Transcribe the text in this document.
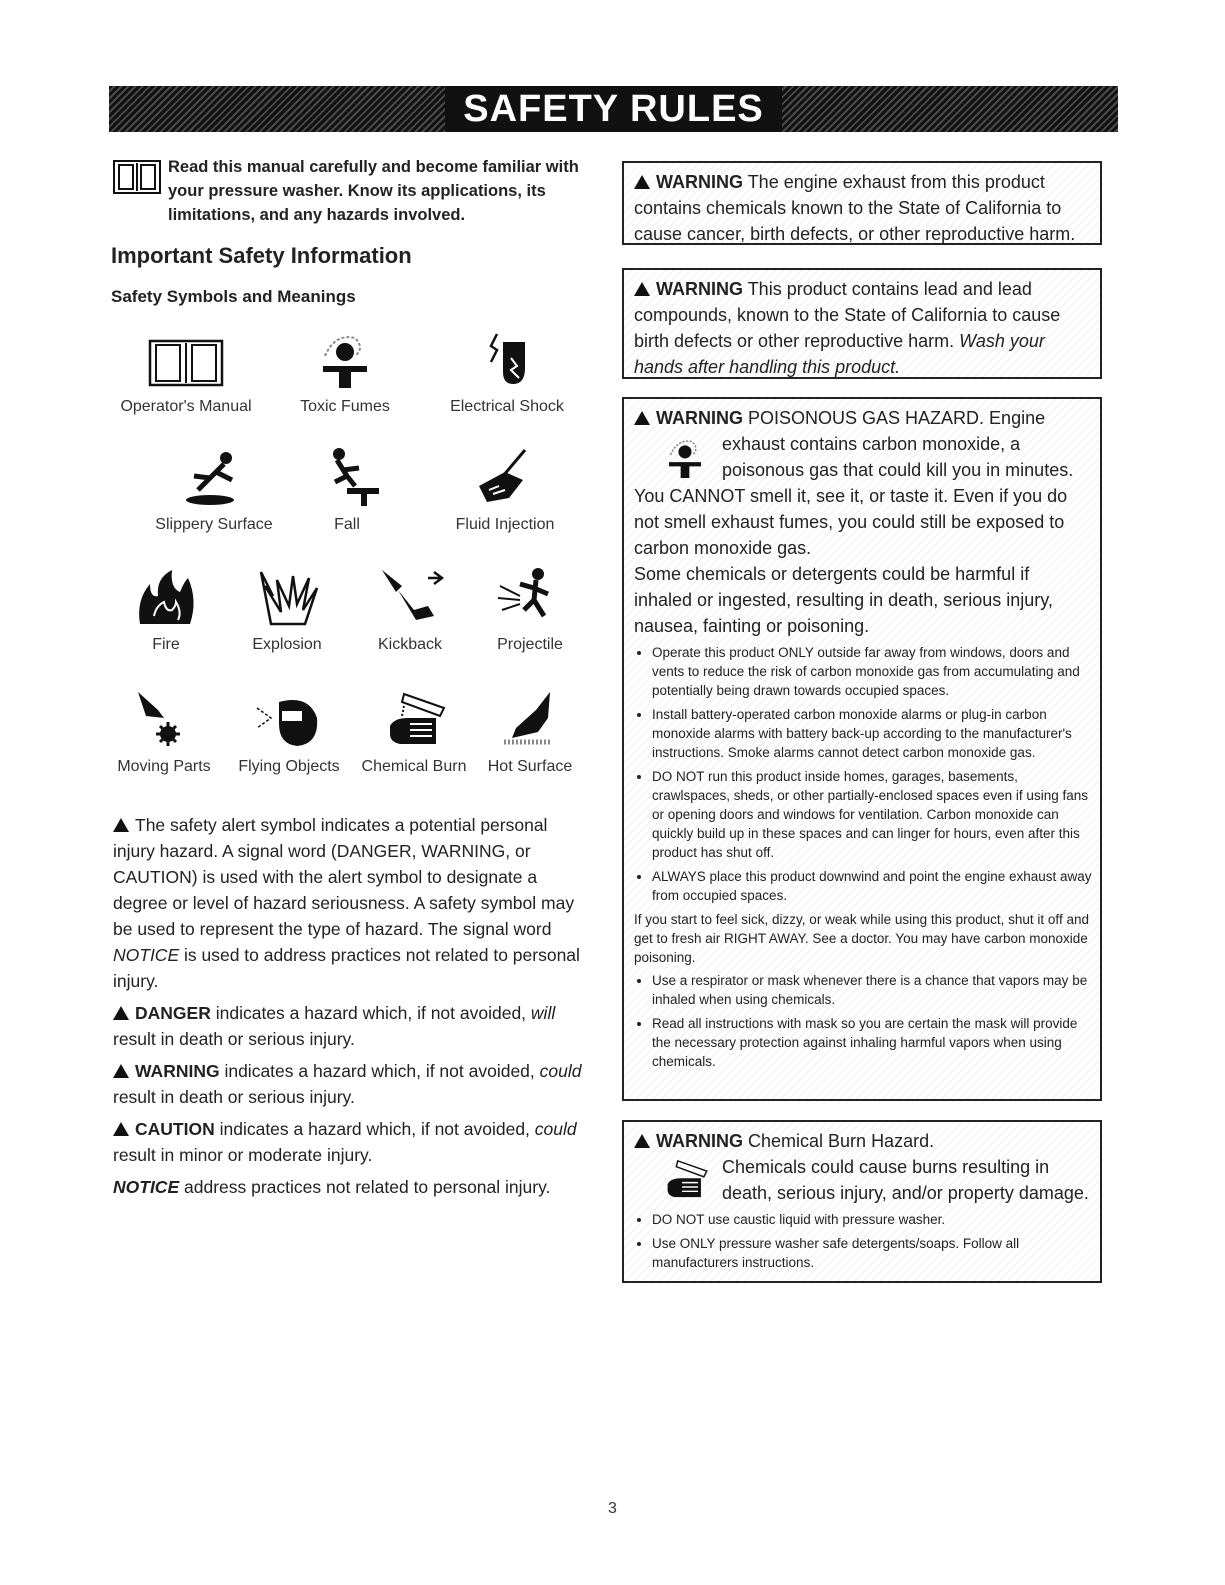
SAFETY RULES
Read this manual carefully and become familiar with your pressure washer. Know its applications, its limitations, and any hazards involved.
Important Safety Information
Safety Symbols and Meanings
Operator's Manual	Toxic Fumes	Electrical Shock
Slippery Surface	Fall	Fluid Injection
Fire	Explosion	Kickback	Projectile
Moving Parts	Flying Objects	Chemical Burn	Hot Surface

The safety alert symbol indicates a potential personal injury hazard. A signal word (DANGER, WARNING, or CAUTION) is used with the alert symbol to designate a degree or level of hazard seriousness. A safety symbol may be used to represent the type of hazard. The signal word NOTICE is used to address practices not related to personal injury.

DANGER indicates a hazard which, if not avoided, will
result in death or serious injury.

WARNING indicates a hazard which, if not avoided, could
result in death or serious injury.

CAUTION indicates a hazard which, if not avoided, could
result in minor or moderate injury.

NOTICE address practices not related to personal injury.

WARNING The engine exhaust from this product contains chemicals known to the State of California to cause cancer, birth defects, or other reproductive harm.
WARNING This product contains lead and lead compounds, known to the State of California to cause birth defects or other reproductive harm. Wash your hands after handling this product.
WARNING POISONOUS GAS HAZARD. Engine
exhaust contains carbon monoxide, a poisonous gas that could kill you in minutes. You CANNOT smell it, see it, or taste it. Even if you do not smell exhaust fumes, you could still be exposed to carbon monoxide gas.
Some chemicals or detergents could be harmful if inhaled or ingested, resulting in death, serious injury, nausea, fainting or poisoning.
• Operate this product ONLY outside far away from windows, doors and vents to reduce the risk of carbon monoxide gas from accumulating and potentially being drawn towards occupied spaces.
• Install battery-operated carbon monoxide alarms or plug-in carbon monoxide alarms with battery back-up according to the manufacturer's instructions. Smoke alarms cannot detect carbon monoxide gas.
• DO NOT run this product inside homes, garages, basements, crawlspaces, sheds, or other partially-enclosed spaces even if using fans or opening doors and windows for ventilation. Carbon monoxide can quickly build up in these spaces and can linger for hours, even after this product has shut off.
• ALWAYS place this product downwind and point the engine exhaust away from occupied spaces.
If you start to feel sick, dizzy, or weak while using this product, shut it off and get to fresh air RIGHT AWAY. See a doctor. You may have carbon monoxide poisoning.
• Use a respirator or mask whenever there is a chance that vapors may be inhaled when using chemicals.
• Read all instructions with mask so you are certain the mask will provide the necessary protection against inhaling harmful vapors when using chemicals.
WARNING Chemical Burn Hazard.
Chemicals could cause burns resulting in death, serious injury, and/or property damage.
• DO NOT use caustic liquid with pressure washer.
• Use ONLY pressure washer safe detergents/soaps. Follow all manufacturers instructions.
3
